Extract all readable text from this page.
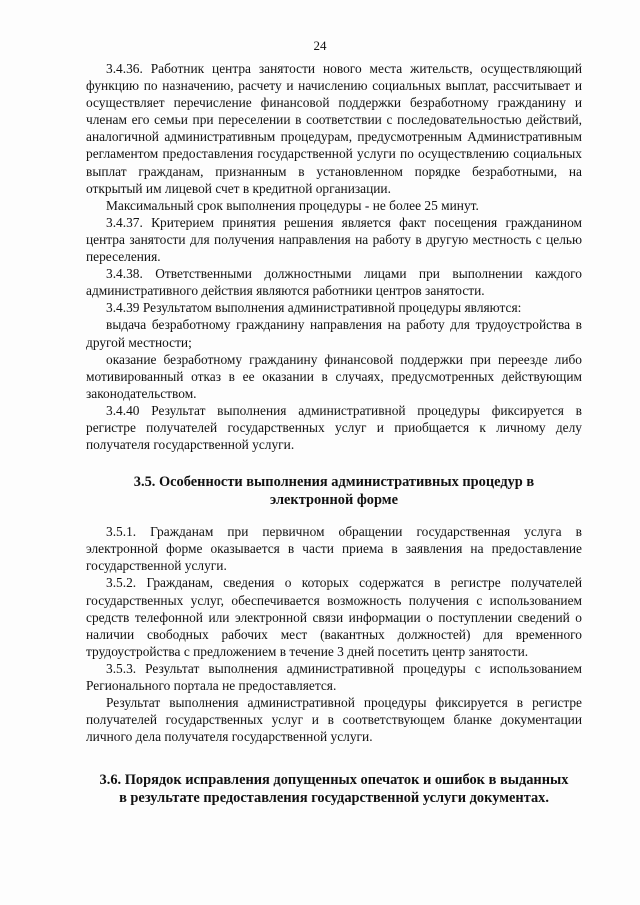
24

3.4.36. Работник центра занятости нового места жительств, осуществляющий функцию по назначению, расчету и начислению социальных выплат, рассчитывает и осуществляет перечисление финансовой поддержки безработному гражданину и членам его семьи при переселении в соответствии с последовательностью действий, аналогичной административным процедурам, предусмотренным Административным регламентом предоставления государственной услуги по осуществлению социальных выплат гражданам, признанным в установленном порядке безработными, на открытый им лицевой счет в кредитной организации.

Максимальный срок выполнения процедуры - не более 25 минут.

3.4.37. Критерием принятия решения является факт посещения гражданином центра занятости для получения направления на работу в другую местность с целью переселения.

3.4.38. Ответственными должностными лицами при выполнении каждого административного действия являются работники центров занятости.

3.4.39 Результатом выполнения административной процедуры являются:

выдача безработному гражданину направления на работу для трудоустройства в другой местности;

оказание безработному гражданину финансовой поддержки при переезде либо мотивированный отказ в ее оказании в случаях, предусмотренных действующим законодательством.

3.4.40 Результат выполнения административной процедуры фиксируется в регистре получателей государственных услуг и приобщается к личному делу получателя государственной услуги.

3.5. Особенности выполнения административных процедур в
электронной форме

3.5.1. Гражданам при первичном обращении государственная услуга в электронной форме оказывается в части приема в заявления на предоставление государственной услуги.

3.5.2. Гражданам, сведения о которых содержатся в регистре получателей государственных услуг, обеспечивается возможность получения с использованием средств телефонной или электронной связи информации о поступлении сведений о наличии свободных рабочих мест (вакантных должностей) для временного трудоустройства с предложением в течение 3 дней посетить центр занятости.

3.5.3. Результат выполнения административной процедуры с использованием Регионального портала не предоставляется.

Результат выполнения административной процедуры фиксируется в регистре получателей государственных услуг и в соответствующем бланке документации личного дела получателя государственной услуги.

3.6. Порядок исправления допущенных опечаток и ошибок в выданных
в результате предоставления государственной услуги документах.
